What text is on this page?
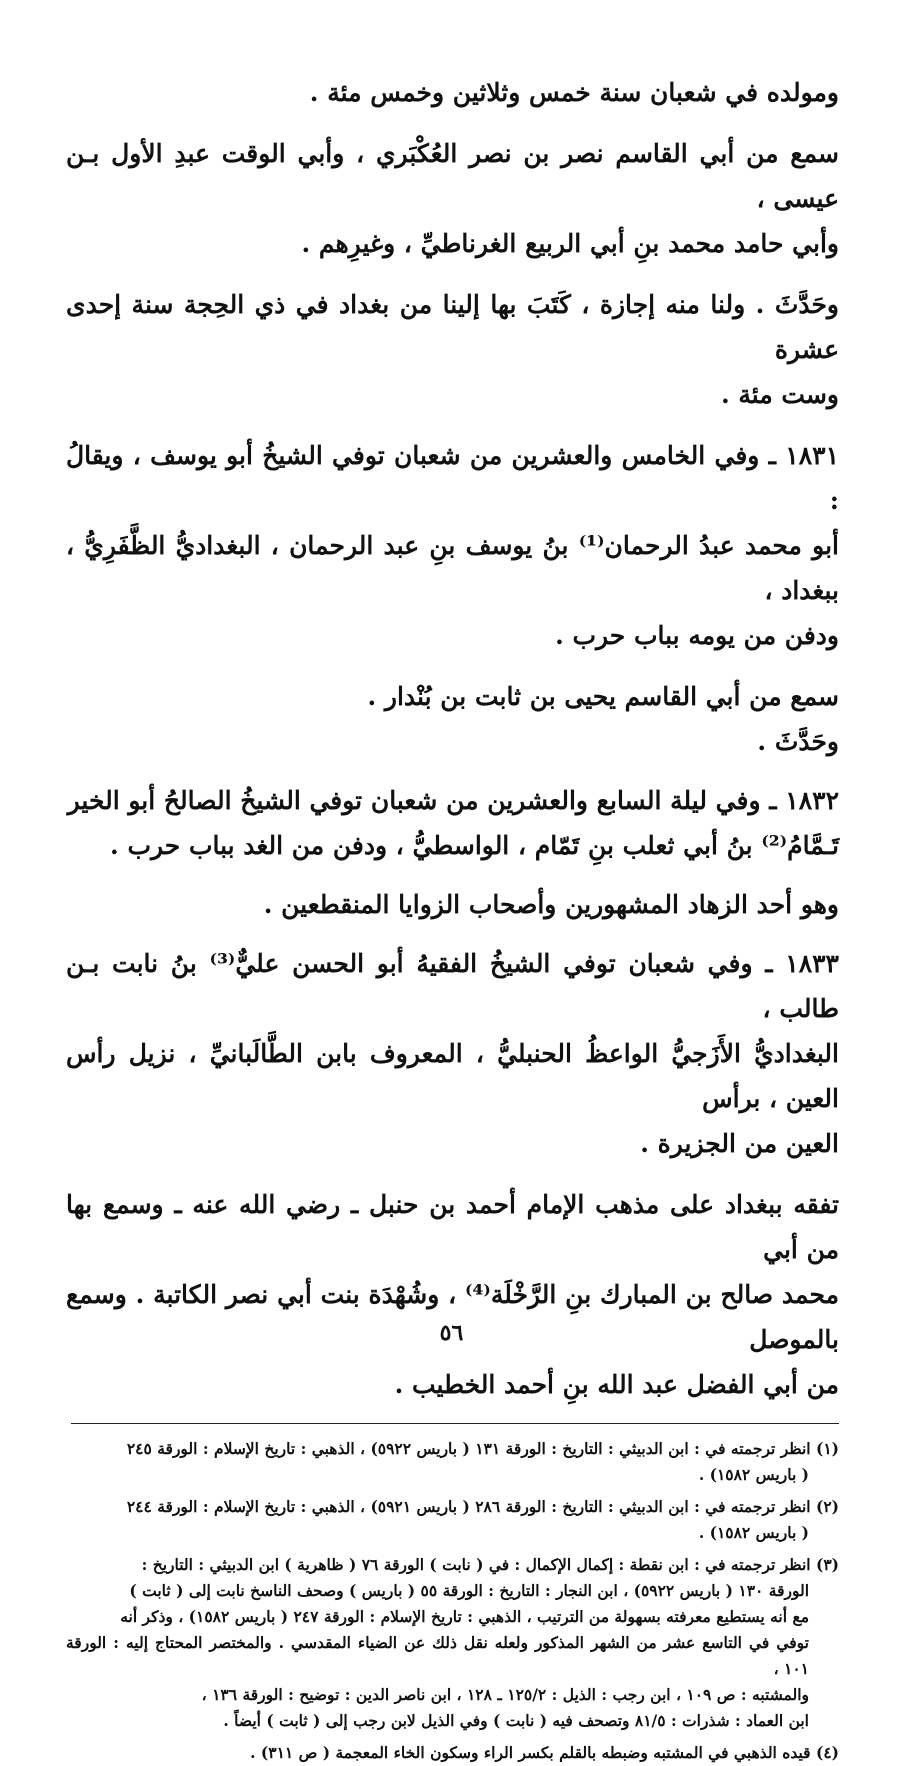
ومولده في شعبان سنة خمس وثلاثين وخمس مئة .

سمع من أبي القاسم نصر بن نصر العُكْبَري ، وأبي الوقت عبدِ الأول بـن عيسى ،
وأبي حامد محمد بنِ أبي الربيع الغرناطيِّ ، وغيرِهم .

وحَدَّثَ . ولنا منه إجازة ، كَتَبَ بها إلينا من بغداد في ذي الحِجة سنة إحدى عشرة
وست مئة .

١٨٣١ ـ وفي الخامس والعشرين من شعبان توفي الشيخُ أبو يوسف ، ويقالُ :
أبو محمد عبدُ الرحمان⁽¹⁾ بنُ يوسف بنِ عبد الرحمان ، البغداديُّ الظَّفَرِيُّ ، ببغداد ،
ودفن من يومه بباب حرب .

سمع من أبي القاسم يحيى بن ثابت بن بُنْدار .
وحَدَّثَ .

١٨٣٢ ـ وفي ليلة السابع والعشرين من شعبان توفي الشيخُ الصالحُ أبو الخير
تَـمَّامُ⁽²⁾ بنُ أبي ثعلب بنِ تَمّام ، الواسطيُّ ، ودفن من الغد بباب حرب .

وهو أحد الزهاد المشهورين وأصحاب الزوايا المنقطعين .

١٨٣٣ ـ وفي شعبان توفي الشيخُ الفقيهُ أبو الحسن عليٌّ⁽³⁾ بنُ نابت بـن طالب ،
البغداديُّ الأَزَجيُّ الواعظُ الحنبليُّ ، المعروف بابن الطَّالَبانيِّ ، نزيل رأس العين ، برأس
العين من الجزيرة .

تفقه ببغداد على مذهب الإمام أحمد بن حنبل ـ رضي الله عنه ـ وسمع بها من أبي
محمد صالح بن المبارك بنِ الرَّخْلَة⁽⁴⁾ ، وشُهْدَة بنت أبي نصر الكاتبة . وسمع بالموصل
من أبي الفضل عبد الله بنِ أحمد الخطيب .

(١) انظر ترجمته في : ابن الدبيثي : التاريخ : الورقة ١٣١ ( باريس ٥٩٢٢) ، الذهبي : تاريخ الإسلام : الورقة ٢٤٥
( باريس ١٥٨٢) .

(٢) انظر ترجمته في : ابن الدبيثي : التاريخ : الورقة ٢٨٦ ( باريس ٥٩٢١) ، الذهبي : تاريخ الإسلام : الورقة ٢٤٤
( باريس ١٥٨٢) .

(٣) انظر ترجمته في : ابن نقطة : إكمال الإكمال : في ( نابت ) الورقة ٧٦ ( ظاهرية ) ابن الدبيثي : التاريخ :
الورقة ١٣٠ ( باريس ٥٩٢٢) ، ابن النجار : التاريخ : الورقة ٥٥ ( باريس ) وصحف الناسخ نابت إلى ( ثابت )
مع أنه يستطيع معرفته بسهولة من الترتيب ، الذهبي : تاريخ الإسلام : الورقة ٢٤٧ ( باريس ١٥٨٢) ، وذكر أنه
توفي في التاسع عشر من الشهر المذكور ولعله نقل ذلك عن الضياء المقدسي . والمختصر المحتاج إليه : الورقة ١٠١ ،
والمشتبه : ص ١٠٩ ، ابن رجب : الذيل : ١٢٥/٢ ـ ١٢٨ ، ابن ناصر الدين : توضيح : الورقة ١٣٦ ،
ابن العماد : شذرات : ٨١/٥ وتصحف فيه ( نابت ) وفي الذيل لابن رجب إلى ( ثابت ) أيضاً .

(٤) قيده الذهبي في المشتبه وضبطه بالقلم بكسر الراء وسكون الخاء المعجمة ( ص ٣١١) .

٥٦
